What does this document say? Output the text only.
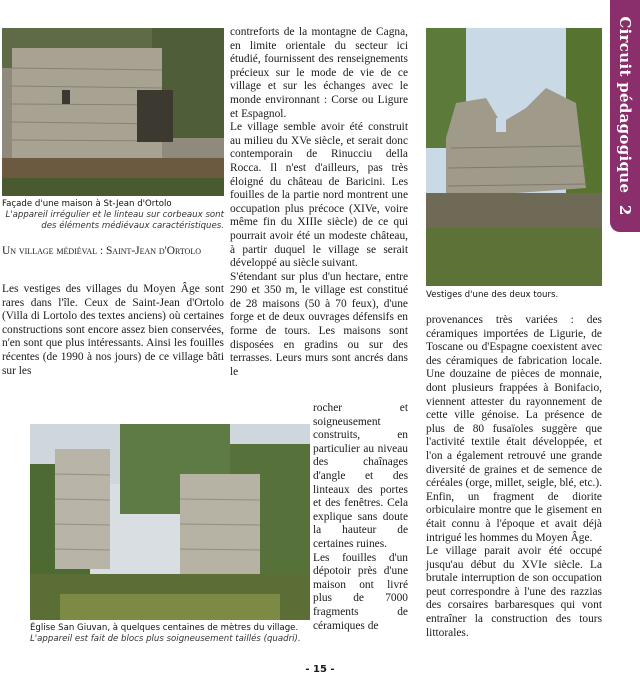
Façade d'une maison à St-Jean d'Ortolo
L'appareil irrégulier et le linteau sur corbeaux sont des éléments médiévaux caractéristiques.
Un village médiéval : Saint-Jean d'Ortolo

Les vestiges des villages du Moyen Âge sont rares dans l'île. Ceux de Saint-Jean d'Ortolo (Villa di Lortolo des textes anciens) où certaines constructions sont encore assez bien conservées, n'en sont que plus intéressants. Ainsi les fouilles récentes (de 1990 à nos jours) de ce village bâti sur les

contreforts de la montagne de Cagna, en limite orientale du secteur ici étudié, fournissent des renseignements précieux sur le mode de vie de ce village et sur les échanges avec le monde environnant : Corse ou Ligure et Espagnol.

Le village semble avoir été construit au milieu du XVe siècle, et serait donc contemporain de Rinucciu della Rocca. Il n'est d'ailleurs, pas très éloigné du château de Baricini. Les fouilles de la partie nord montrent une occupation plus précoce (XIVe, voire même fin du XIIIe siècle) de ce qui pourrait avoir été un modeste château, à partir duquel le village se serait développé au siècle suivant.

S'étendant sur plus d'un hectare, entre 290 et 350 m, le village est constitué de 28 maisons (50 à 70 feux), d'une forge et de deux ouvrages défensifs en forme de tours. Les maisons sont disposées en gradins ou sur des terrasses. Leurs murs sont ancrés dans le

rocher et soigneusement construits, en particulier au niveau des chaînages d'angle et des linteaux des portes et des fenêtres. Cela explique sans doute la hauteur de certaines ruines.

Les fouilles d'un dépotoir près d'une maison ont livré plus de 7000 fragments de céramiques de

Église San Giuvan, à quelques centaines de mètres du village.
L'appareil est fait de blocs plus soigneusement taillés (quadri).
Vestiges d'une des deux tours.

provenances très variées : des céramiques importées de Ligurie, de Toscane ou d'Espagne coexistent avec des céramiques de fabrication locale. Une douzaine de pièces de monnaie, dont plusieurs frappées à Bonifacio, viennent attester du rayonnement de cette ville génoise. La présence de plus de 80 fusaïoles suggère que l'activité textile était développée, et l'on a également retrouvé une grande diversité de graines et de semence de céréales (orge, millet, seigle, blé, etc.). Enfin, un fragment de diorite orbiculaire montre que le gisement en était connu à l'époque et avait déjà intrigué les hommes du Moyen Âge.

Le village parait avoir été occupé jusqu'au début du XVIe siècle. La brutale interruption de son occupation peut correspondre à l'une des razzias des corsaires barbaresques qui vont entraîner la construction des tours littorales.

Circuit pédagogique 2
- 15 -
